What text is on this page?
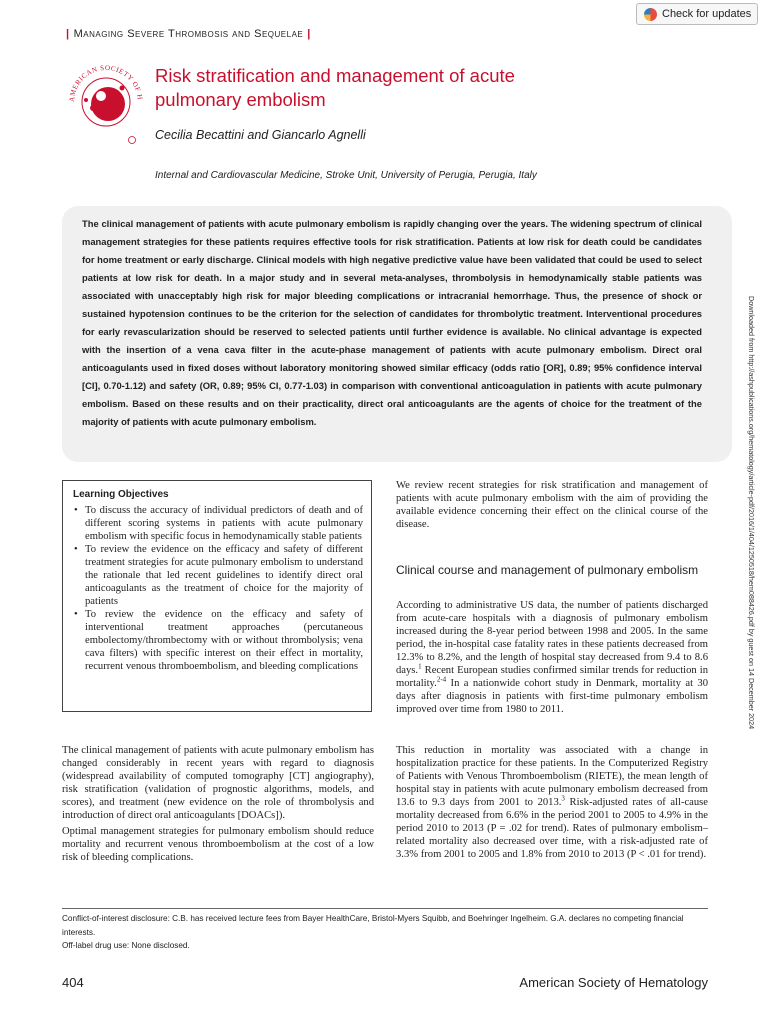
| Managing Severe Thrombosis and Sequelae |
Check for updates
AMERICAN SOCIETY OF H
Risk stratification and management of acute
pulmonary embolism
Cecilia Becattini and Giancarlo Agnelli
Internal and Cardiovascular Medicine, Stroke Unit, University of Perugia, Perugia, Italy

The clinical management of patients with acute pulmonary embolism is rapidly changing over the years. The widening spectrum of clinical management strategies for these patients requires effective tools for risk stratification. Patients at low risk for death could be candidates for home treatment or early discharge. Clinical models with high negative predictive value have been validated that could be used to select patients at low risk for death. In a major study and in several meta-analyses, thrombolysis in hemodynamically stable patients was associated with unacceptably high risk for major bleeding complications or intracranial hemorrhage. Thus, the presence of shock or sustained hypotension continues to be the criterion for the selection of candidates for thrombolytic treatment. Interventional procedures for early revascularization should be reserved to selected patients until further evidence is available. No clinical advantage is expected with the insertion of a vena cava filter in the acute-phase management of patients with acute pulmonary embolism. Direct oral anticoagulants used in fixed doses without laboratory monitoring showed similar efficacy (odds ratio [OR], 0.89; 95% confidence interval [CI], 0.70-1.12) and safety (OR, 0.89; 95% CI, 0.77-1.03) in comparison with conventional anticoagulation in patients with acute pulmonary embolism. Based on these results and on their practicality, direct oral anticoagulants are the agents of choice for the treatment of the majority of patients with acute pulmonary embolism.	Downloaded from http://ashpublications.org/hematology/article-pdf/2016/1/404/1250518/hem088426.pdf by guest on 14 December 2024
Learning Objectives
• To discuss the accuracy of individual predictors of death and of different scoring systems in patients with acute pulmonary embolism with specific focus in hemodynamically stable patients
• To review the evidence on the efficacy and safety of different treatment strategies for acute pulmonary embolism to understand the rationale that led recent guidelines to identify direct oral anticoagulants as the treatment of choice for the majority of patients
• To review the evidence on the efficacy and safety of interventional treatment approaches (percutaneous embolectomy/thrombectomy with or without thrombolysis; vena cava filters) with specific interest on their effect in mortality, recurrent venous thromboembolism, and bleeding complications

The clinical management of patients with acute pulmonary embolism has changed considerably in recent years with regard to diagnosis (widespread availability of computed tomography [CT] angiography), risk stratification (validation of prognostic algorithms, models, and scores), and treatment (new evidence on the role of thrombolysis and introduction of direct oral anticoagulants [DOACs]).

Optimal management strategies for pulmonary embolism should reduce mortality and recurrent venous thromboembolism at the cost of a low risk of bleeding complications.

We review recent strategies for risk stratification and management of patients with acute pulmonary embolism with the aim of providing the available evidence concerning their effect on the clinical course of the disease.

Clinical course and management of pulmonary embolism

According to administrative US data, the number of patients discharged from acute-care hospitals with a diagnosis of pulmonary embolism increased during the 8-year period between 1998 and 2005. In the same period, the in-hospital case fatality rates in these patients decreased from 12.3% to 8.2%, and the length of hospital stay decreased from 9.4 to 8.6 days.$^1$ Recent European studies confirmed similar trends for reduction in mortality.$^{2-4}$ In a nationwide cohort study in Denmark, mortality at 30 days after diagnosis in patients with first-time pulmonary embolism improved over time from 1980 to 2011.

This reduction in mortality was associated with a change in hospitalization practice for these patients. In the Computerized Registry of Patients with Venous Thromboembolism (RIETE), the mean length of hospital stay in patients with acute pulmonary embolism decreased from 13.6 to 9.3 days from 2001 to 2013.$^3$ Risk-adjusted rates of all-cause mortality decreased from 6.6% in the period 2001 to 2005 to 4.9% in the period 2010 to 2013 (P = .02 for trend). Rates of pulmonary embolism–related mortality also decreased over time, with a risk-adjusted rate of 3.3% from 2001 to 2005 and 1.8% from 2010 to 2013 (P < .01 for trend).

Conflict-of-interest disclosure: C.B. has received lecture fees from Bayer HealthCare, Bristol-Myers Squibb, and Boehringer Ingelheim. G.A. declares no competing financial interests.
Off-label drug use: None disclosed.
404	American Society of Hematology
